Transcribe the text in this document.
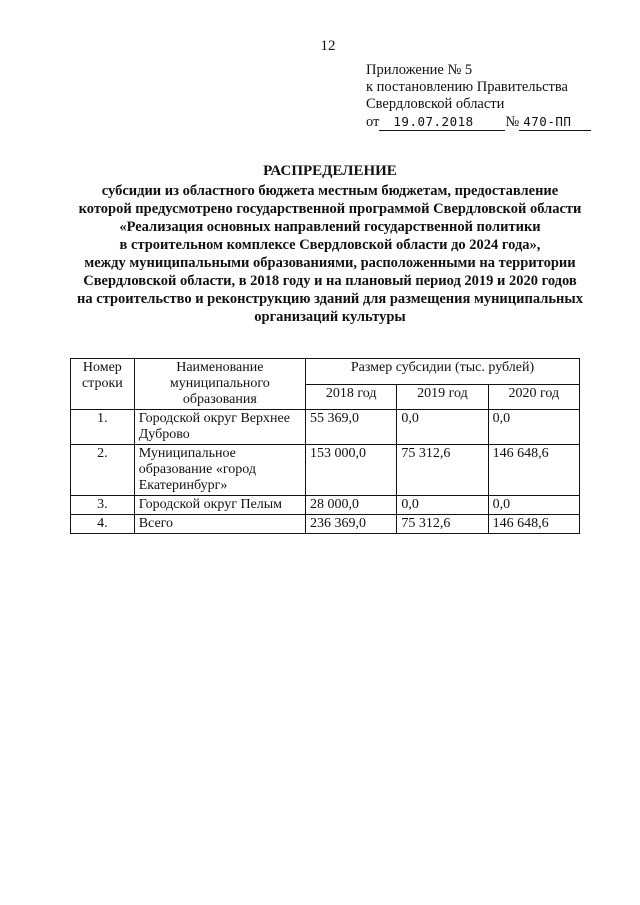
12
Приложение № 5
к постановлению Правительства
Свердловской области
от	19.07.2018	№ 470-ПП
РАСПРЕДЕЛЕНИЕ
субсидии из областного бюджета местным бюджетам, предоставление
которой предусмотрено государственной программой Свердловской области
«Реализация основных направлений государственной политики
в строительном комплексе Свердловской области до 2024 года»,
между муниципальными образованиями, расположенными на территории
Свердловской области, в 2018 году и на плановый период 2019 и 2020 годов
на строительство и реконструкцию зданий для размещения муниципальных
организаций культуры
Номер строки	Наименование муниципального образования	Размер субсидии (тыс. рублей)		
		2018 год	2019 год	2020 год
1.	Городской округ Верхнее Дуброво	55 369,0	0,0	0,0
2.	Муниципальное образование «город Екатеринбург»	153 000,0	75 312,6	146 648,6
3.	Городской округ Пелым	28 000,0	0,0	0,0
4.	Всего	236 369,0	75 312,6	146 648,6
